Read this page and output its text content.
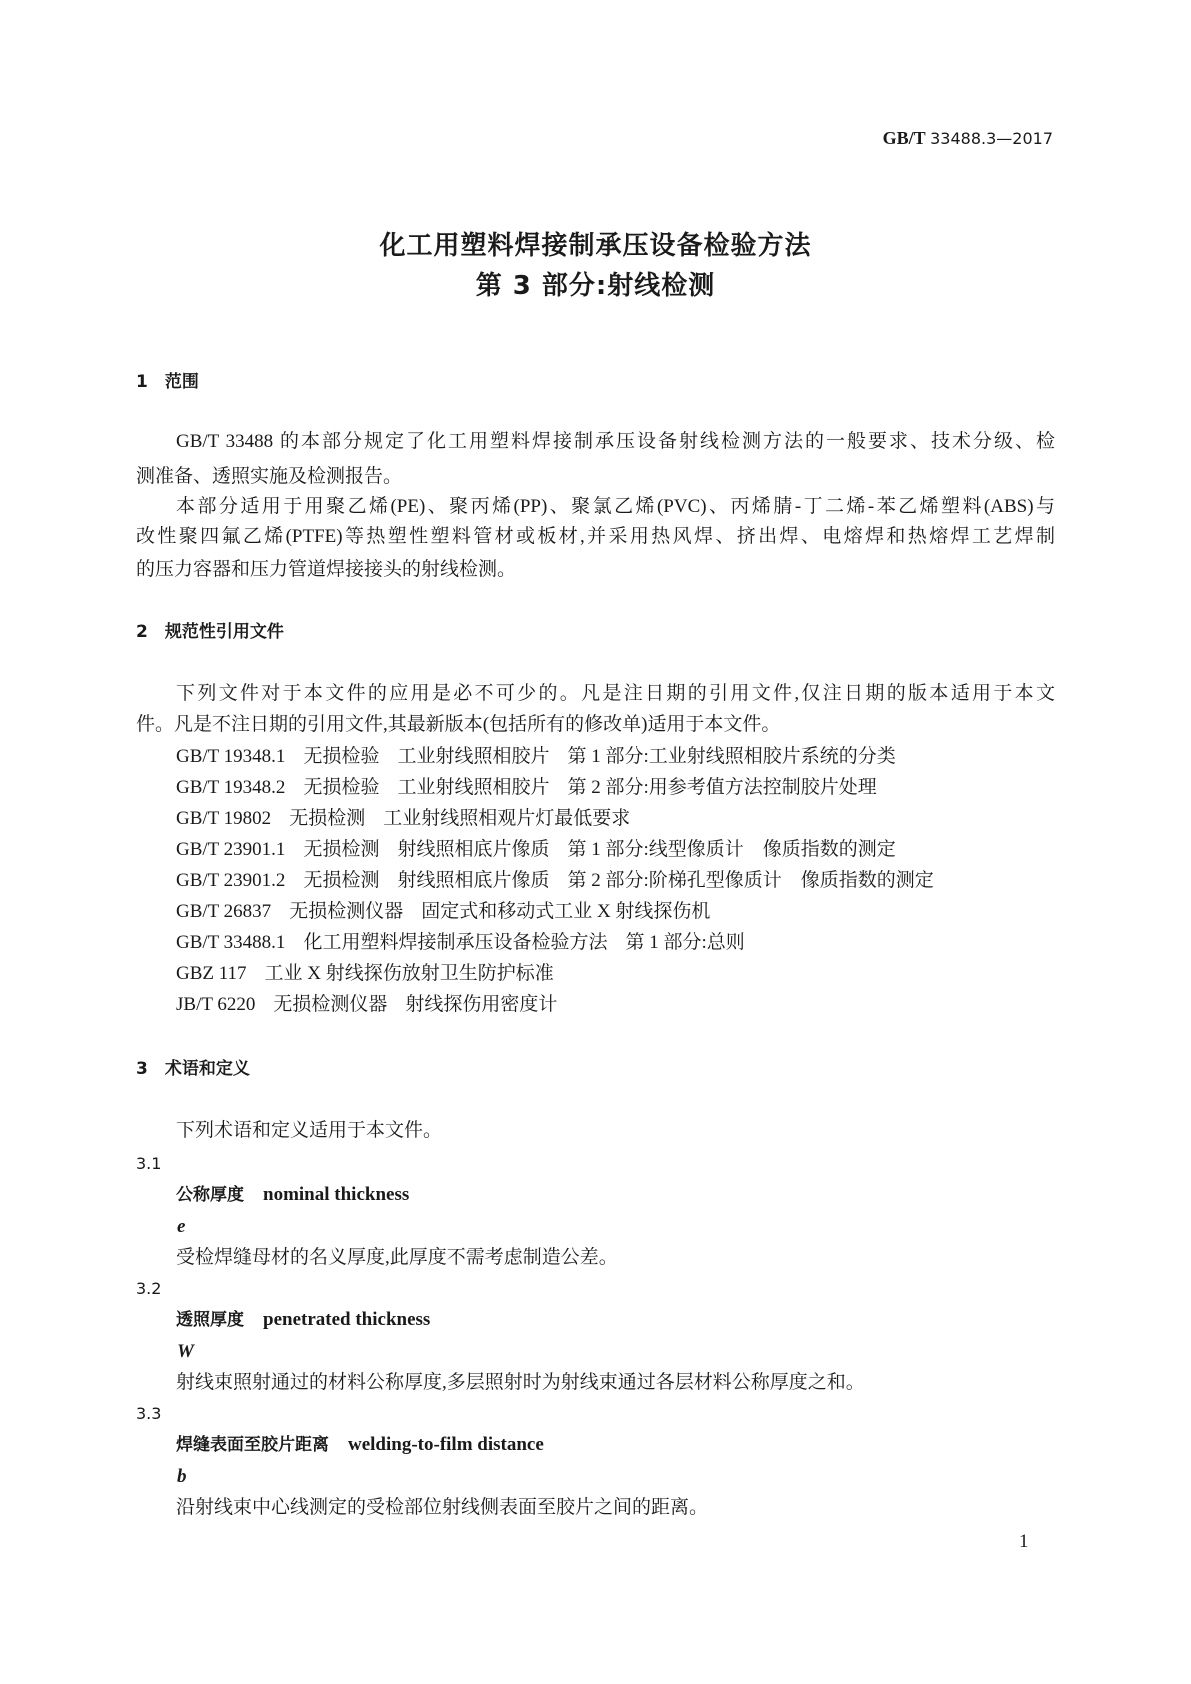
GB/T 33488.3—2017
化工用塑料焊接制承压设备检验方法
第 3 部分:射线检测
1  范围
GB/T 33488 的本部分规定了化工用塑料焊接制承压设备射线检测方法的一般要求、技术分级、检
测准备、透照实施及检测报告。
本部分适用于用聚乙烯(PE)、聚丙烯(PP)、聚氯乙烯(PVC)、丙烯腈-丁二烯-苯乙烯塑料(ABS)与
改性聚四氟乙烯(PTFE)等热塑性塑料管材或板材,并采用热风焊、挤出焊、电熔焊和热熔焊工艺焊制
的压力容器和压力管道焊接接头的射线检测。
2  规范性引用文件
下列文件对于本文件的应用是必不可少的。凡是注日期的引用文件,仅注日期的版本适用于本文
件。凡是不注日期的引用文件,其最新版本(包括所有的修改单)适用于本文件。
GB/T 19348.1 无损检验 工业射线照相胶片 第 1 部分:工业射线照相胶片系统的分类
GB/T 19348.2 无损检验 工业射线照相胶片 第 2 部分:用参考值方法控制胶片处理
GB/T 19802 无损检测 工业射线照相观片灯最低要求
GB/T 23901.1 无损检测 射线照相底片像质 第 1 部分:线型像质计　像质指数的测定
GB/T 23901.2 无损检测 射线照相底片像质 第 2 部分:阶梯孔型像质计　像质指数的测定
GB/T 26837 无损检测仪器 固定式和移动式工业 X 射线探伤机
GB/T 33488.1 化工用塑料焊接制承压设备检验方法 第 1 部分:总则
GBZ 117 工业 X 射线探伤放射卫生防护标准
JB/T 6220 无损检测仪器 射线探伤用密度计
3  术语和定义
下列术语和定义适用于本文件。
3.1
公称厚度  nominal thickness
e
受检焊缝母材的名义厚度,此厚度不需考虑制造公差。
3.2
透照厚度  penetrated thickness
W
射线束照射通过的材料公称厚度,多层照射时为射线束通过各层材料公称厚度之和。
3.3
焊缝表面至胶片距离  welding-to-film distance
b
沿射线束中心线测定的受检部位射线侧表面至胶片之间的距离。
1
